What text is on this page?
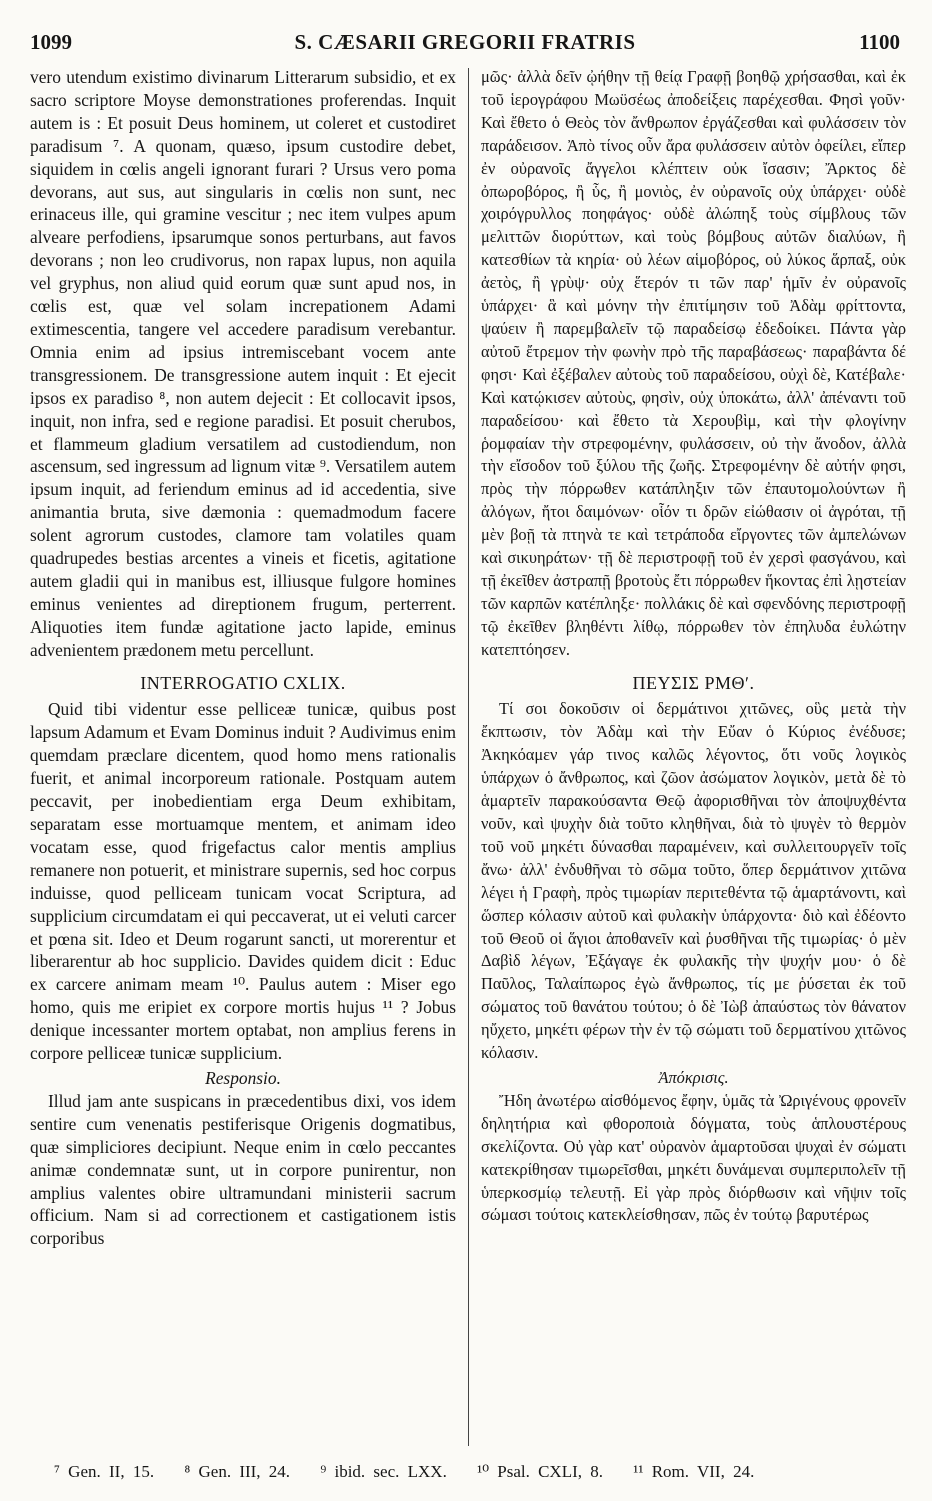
1099	S. CÆSARII GREGORII FRATRIS	1100

vero utendum existimo divinarum Litterarum subsidio, et ex sacro scriptore Moyse demonstrationes proferendas. Inquit autem is : Et posuit Deus hominem, ut coleret et custodiret paradisum ⁷. A quonam, quæso, ipsum custodire debet, siquidem in cœlis angeli ignorant furari ? Ursus vero poma devorans, aut sus, aut singularis in cœlis non sunt, nec erinaceus ille, qui gramine vescitur ; nec item vulpes apum alveare perfodiens, ipsarumque sonos perturbans, aut favos devorans ; non leo crudivorus, non rapax lupus, non aquila vel gryphus, non aliud quid eorum quæ sunt apud nos, in cœlis est, quæ vel solam increpationem Adami extimescentia, tangere vel accedere paradisum verebantur. Omnia enim ad ipsius intremiscebant vocem ante transgressionem. De transgressione autem inquit : Et ejecit ipsos ex paradiso ⁸, non autem dejecit : Et collocavit ipsos, inquit, non infra, sed e regione paradisi. Et posuit cherubos, et flammeum gladium versatilem ad custodiendum, non ascensum, sed ingressum ad lignum vitæ ⁹. Versatilem autem ipsum inquit, ad feriendum eminus ad id accedentia, sive animantia bruta, sive dæmonia : quemadmodum facere solent agrorum custodes, clamore tam volatiles quam quadrupedes bestias arcentes a vineis et ficetis, agitatione autem gladii qui in manibus est, illiusque fulgore homines eminus venientes ad direptionem frugum, perterrent. Aliquoties item fundæ agitatione jacto lapide, eminus advenientem prædonem metu percellunt.

INTERROGATIO CXLIX.

Quid tibi videntur esse pelliceæ tunicæ, quibus post lapsum Adamum et Evam Dominus induit ? Audivimus enim quemdam præclare dicentem, quod homo mens rationalis fuerit, et animal incorporeum rationale. Postquam autem peccavit, per inobedientiam erga Deum exhibitam, separatam esse mortuamque mentem, et animam ideo vocatam esse, quod frigefactus calor mentis amplius remanere non potuerit, et ministrare supernis, sed hoc corpus induisse, quod pelliceam tunicam vocat Scriptura, ad supplicium circumdatam ei qui peccaverat, ut ei veluti carcer et pœna sit. Ideo et Deum rogarunt sancti, ut morerentur et liberarentur ab hoc supplicio. Davides quidem dicit : Educ ex carcere animam meam ¹⁰. Paulus autem : Miser ego homo, quis me eripiet ex corpore mortis hujus ¹¹ ? Jobus denique incessanter mortem optabat, non amplius ferens in corpore pelliceæ tunicæ supplicium.

Responsio.

Illud jam ante suspicans in præcedentibus dixi, vos idem sentire cum venenatis pestiferisque Origenis dogmatibus, quæ simpliciores decipiunt. Neque enim in cœlo peccantes animæ condemnatæ sunt, ut in corpore punirentur, non amplius valentes obire ultramundani ministerii sacrum officium. Nam si ad correctionem et castigationem istis corporibus

μῶς· ἀλλὰ δεῖν ᾠήθην τῇ θείᾳ Γραφῇ βοηθῷ χρήσασθαι, καὶ ἐκ τοῦ ἱερογράφου Μωϋσέως ἀποδείξεις παρέχεσθαι. Φησὶ γοῦν· Καὶ ἔθετο ὁ Θεὸς τὸν ἄνθρωπον ἐργάζεσθαι καὶ φυλάσσειν τὸν παράδεισον. Ἀπὸ τίνος οὖν ἄρα φυλάσσειν αὐτὸν ὀφείλει, εἴπερ ἐν οὐρανοῖς ἄγγελοι κλέπτειν οὐκ ἴσασιν; Ἄρκτος δὲ ὀπωροβόρος, ἢ ὗς, ἢ μονιὸς, ἐν οὐρανοῖς οὐχ ὑπάρχει· οὐδὲ χοιρόγρυλλος ποηφάγος· οὐδὲ ἀλώπηξ τοὺς σίμβλους τῶν μελιττῶν διορύττων, καὶ τοὺς βόμβους αὐτῶν διαλύων, ἢ κατεσθίων τὰ κηρία· οὐ λέων αἱμοβόρος, οὐ λύκος ἅρπαξ, οὐκ ἀετὸς, ἢ γρὺψ· οὐχ ἕτερόν τι τῶν παρ' ἡμῖν ἐν οὐρανοῖς ὑπάρχει· ἃ καὶ μόνην τὴν ἐπιτίμησιν τοῦ Ἀδὰμ φρίττοντα, ψαύειν ἢ παρεμβαλεῖν τῷ παραδείσῳ ἐδεδοίκει. Πάντα γὰρ αὐτοῦ ἔτρεμον τὴν φωνὴν πρὸ τῆς παραβάσεως· παραβάντα δέ φησι· Καὶ ἐξέβαλεν αὐτοὺς τοῦ παραδείσου, οὐχὶ δὲ, Κατέβαλε· Καὶ κατῴκισεν αὐτοὺς, φησὶν, οὐχ ὑποκάτω, ἀλλ' ἀπέναντι τοῦ παραδείσου· καὶ ἔθετο τὰ Χερουβὶμ, καὶ τὴν φλογίνην ῥομφαίαν τὴν στρεφομένην, φυλάσσειν, οὐ τὴν ἄνοδον, ἀλλὰ τὴν εἴσοδον τοῦ ξύλου τῆς ζωῆς. Στρεφομένην δὲ αὐτήν φησι, πρὸς τὴν πόρρωθεν κατάπληξιν τῶν ἐπαυτομολούντων ἢ ἀλόγων, ἤτοι δαιμόνων· οἷόν τι δρῶν εἰώθασιν οἱ ἀγρόται, τῇ μὲν βοῇ τὰ πτηνὰ τε καὶ τετράποδα εἴργοντες τῶν ἀμπελώνων καὶ σικυηράτων· τῇ δὲ περιστροφῇ τοῦ ἐν χερσὶ φασγάνου, καὶ τῇ ἐκεῖθεν ἀστραπῇ βροτοὺς ἔτι πόρρωθεν ἥκοντας ἐπὶ λῃστείαν τῶν καρπῶν κατέπληξε· πολλάκις δὲ καὶ σφενδόνης περιστροφῇ τῷ ἐκεῖθεν βληθέντι λίθῳ, πόρρωθεν τὸν ἐπηλυδα ἐυλώτην κατεπτόησεν.

ΠΕΥΣΙΣ ΡΜΘʹ.

Τί σοι δοκοῦσιν οἱ δερμάτινοι χιτῶνες, οὓς μετὰ τὴν ἔκπτωσιν, τὸν Ἀδὰμ καὶ τὴν Εὔαν ὁ Κύριος ἐνέδυσε; Ἀκηκόαμεν γάρ τινος καλῶς λέγοντος, ὅτι νοῦς λογικὸς ὑπάρχων ὁ ἄνθρωπος, καὶ ζῶον ἀσώματον λογικὸν, μετὰ δὲ τὸ ἁμαρτεῖν παρακούσαντα Θεῷ ἀφορισθῆναι τὸν ἀποψυχθέντα νοῦν, καὶ ψυχὴν διὰ τοῦτο κληθῆναι, διὰ τὸ ψυγὲν τὸ θερμὸν τοῦ νοῦ μηκέτι δύνασθαι παραμένειν, καὶ συλλειτουργεῖν τοῖς ἄνω· ἀλλ' ἐνδυθῆναι τὸ σῶμα τοῦτο, ὅπερ δερμάτινον χιτῶνα λέγει ἡ Γραφὴ, πρὸς τιμωρίαν περιτεθέντα τῷ ἁμαρτάνοντι, καὶ ὥσπερ κόλασιν αὐτοῦ καὶ φυλακὴν ὑπάρχοντα· διὸ καὶ ἐδέοντο τοῦ Θεοῦ οἱ ἅγιοι ἀποθανεῖν καὶ ῥυσθῆναι τῆς τιμωρίας· ὁ μὲν Δαβὶδ λέγων, Ἐξάγαγε ἐκ φυλακῆς τὴν ψυχήν μου· ὁ δὲ Παῦλος, Ταλαίπωρος ἐγὼ ἄνθρωπος, τίς με ῥύσεται ἐκ τοῦ σώματος τοῦ θανάτου τούτου; ὁ δὲ Ἰὼβ ἀπαύστως τὸν θάνατον ηὔχετο, μηκέτι φέρων τὴν ἐν τῷ σώματι τοῦ δερματίνου χιτῶνος κόλασιν.

Ἀπόκρισις.

Ἤδη ἀνωτέρω αἰσθόμενος ἔφην, ὑμᾶς τὰ Ὠριγένους φρονεῖν δηλητήρια καὶ φθοροποιὰ δόγματα, τοὺς ἁπλουστέρους σκελίζοντα. Οὐ γὰρ κατ' οὐρανὸν ἁμαρτοῦσαι ψυχαὶ ἐν σώματι κατεκρίθησαν τιμωρεῖσθαι, μηκέτι δυνάμεναι συμπεριπολεῖν τῇ ὑπερκοσμίῳ τελευτῇ. Εἰ γὰρ πρὸς διόρθωσιν καὶ νῆψιν τοῖς σώμασι τούτοις κατεκλείσθησαν, πῶς ἐν τούτῳ βαρυτέρως

⁷ Gen. II, 15. ⁸ Gen. III, 24. ⁹ ibid. sec. LXX. ¹⁰ Psal. CXLI, 8. ¹¹ Rom. VII, 24.
